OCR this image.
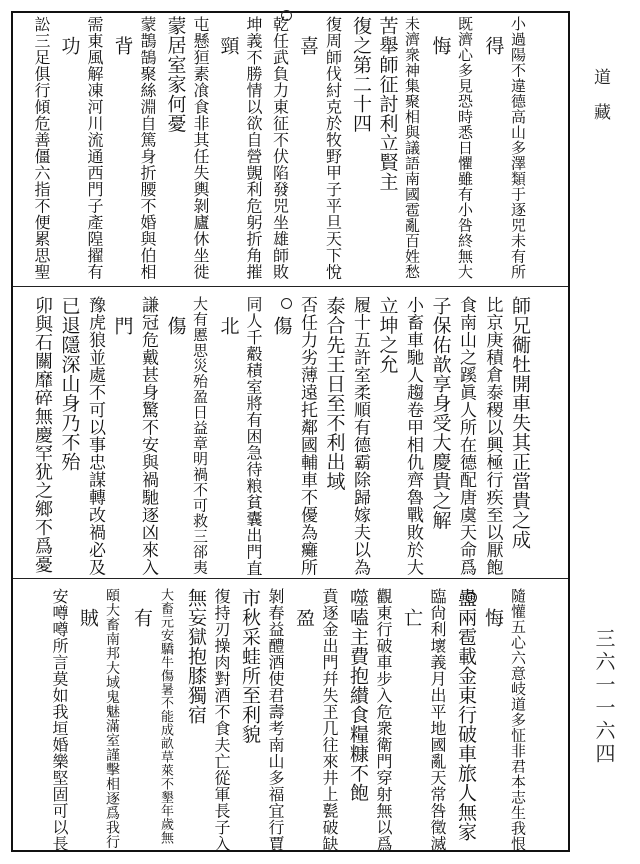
小過陽不違德高山多澤類于逐兕未有所
得
既濟心多見恐時悉日懼雖有小咎終無大
悔
未濟衆神集聚相與議語南國雹亂百姓愁
苦舉師征討利立賢主
復之第二十四
復周師伐紂克於牧野甲子平旦天下悅
喜
乾任武負力東征不伏陷發兕坐雄師敗
坤義不勝情以欲自營覬利危躬折角摧
頸
屯懸狟素飡食非其任失輿剝廬休坐徙
蒙居室家何憂
蒙鵲鵠聚絲淵自篤身折腰不婚與伯相
背
需東風解凍河川流通西門子產隍擢有
功
訟三足俱行傾危善僵六指不便累思聖
師兄衚牡開車失其正當貴之成
比京庚積倉泰稷以興極行疾至以厭飽
食南山之蹊眞人所在德配唐虞天命爲
子保佑歆享身受大慶貴之解
小畜車馳人趨卷甲相仇齊魯戰敗於大
立坤之允
履十五許室柔順有德霸除歸嫁夫以為
泰合先王日至不利出域
否任力劣薄遠托鄰國輔車不優為癱所
傷
同人千觳積室將有困急待粮貧囊出門直
北
大有慝思災殆盈日益章明禍不可救三郤夷
傷
謙冠危戴甚身驚不安與禍馳逐凶來入
門
豫虎狼並處不可以事忠謀轉改禍必及
已退隱深山身乃不殆
卯與石關靡碎無慶罕犹之鄉不爲憂
隨懽五心六意岐道多怔非君本志生我恨
悔
蠱兩雹載金東行破車旅人無家
臨尙利壞義月出平地國亂天常咎徵滅
亡
觀東行破車步入危衆衛門穿射無以爲
噬嗑主費抱纉食糧糠不飽
賁逐金出門幷失玊几往來井上甏破缺
盈
剝春益醴酒使君壽考南山多福宜行賈
市秋采蛙所至利貌
復持刃操肉對酒不食夫亡從軍長子入
無妄獄抱膝獨宿
大畜元安驕牛傷暑不能成畝草萊不墾年歲無
有
頤大畜南邦大域鬼魅滿室謹擊相逐爲我行
賊
安噂噂所言莫如我垣婚樂堅固可以長
道藏
三六一一六四
